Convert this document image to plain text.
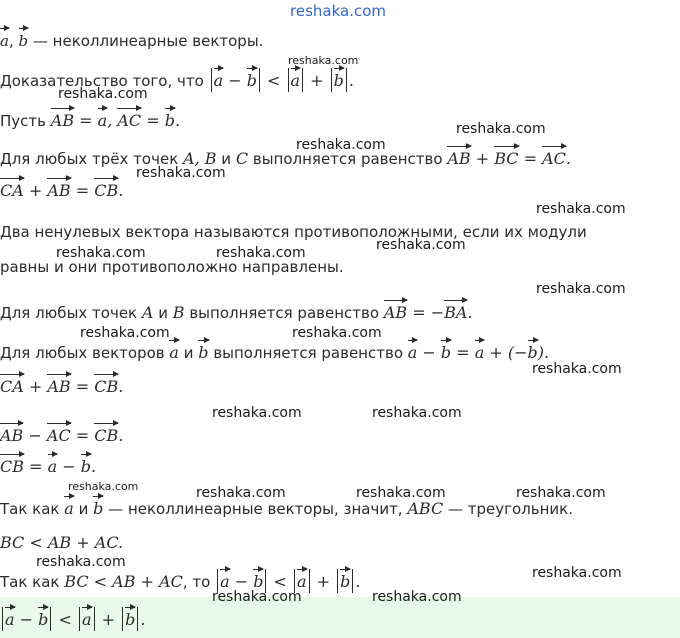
reshaka.com
a, b — неколлинеарные векторы.
Доказательство того, что a − b < a + b .
Пусть AB = a, AC = b.
Для любых трёх точек A, B и C выполняется равенство AB + BC = AC.
CA + AB = CB.
Два ненулевых вектора называются противоположными, если их модули
равны и они противоположно направлены.
Для любых точек A и B выполняется равенство AB = −BA.
Для любых векторов a и b выполняется равенство a − b = a + (−b).
CA + AB = CB.
AB − AC = CB.
CB = a − b.
Так как a и b — неколлинеарные векторы, значит, ABC — треугольник.
BC < AB + AC.
Так как BC < AB + AC, то a − b < a + b .
a − b < a + b .
reshaka.com
reshaka.com
reshaka.com
reshaka.com
reshaka.com
reshaka.com
reshaka.com
reshaka.com	reshaka.com
reshaka.com
reshaka.com	reshaka.com
reshaka.com
reshaka.com	reshaka.com
reshaka.com	reshaka.com	reshaka.com
reshaka.com
reshaka.com
reshaka.com
reshaka.com	reshaka.com
